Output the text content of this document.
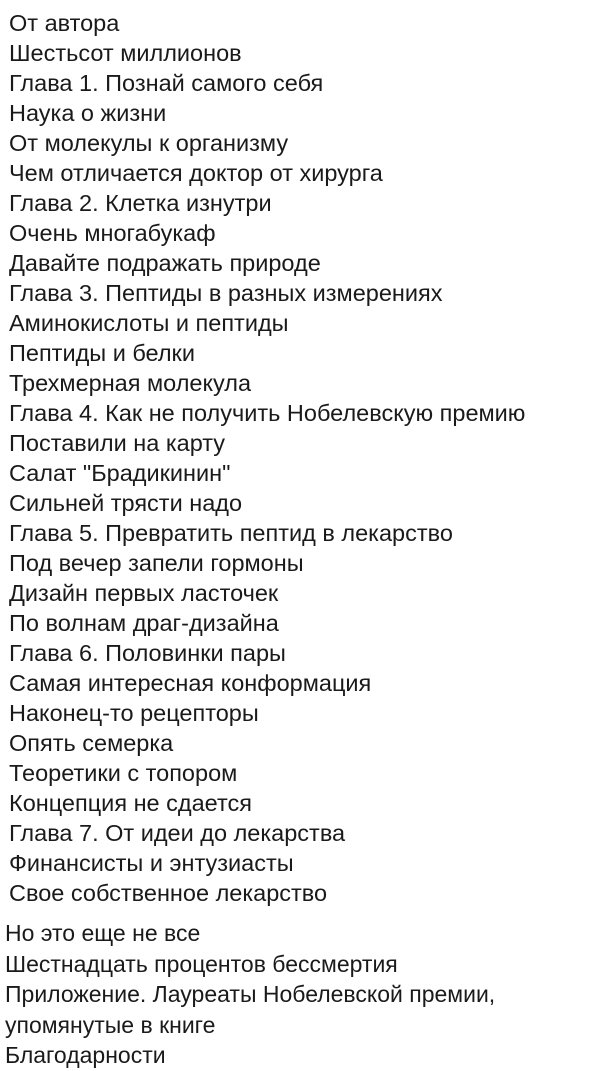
От автора
Шестьсот миллионов
Глава 1. Познай самого себя
Наука о жизни
От молекулы к организму
Чем отличается доктор от хирурга
Глава 2. Клетка изнутри
Очень многабукаф
Давайте подражать природе
Глава 3. Пептиды в разных измерениях
Аминокислоты и пептиды
Пептиды и белки
Трехмерная молекула
Глава 4. Как не получить Нобелевскую премию
Поставили на карту
Салат "Брадикинин"
Сильней трясти надо
Глава 5. Превратить пептид в лекарство
Под вечер запели гормоны
Дизайн первых ласточек
По волнам драг-дизайна
Глава 6. Половинки пары
Самая интересная конформация
Наконец-то рецепторы
Опять семерка
Теоретики с топором
Концепция не сдается
Глава 7. От идеи до лекарства
Финансисты и энтузиасты
Свое собственное лекарство
Но это еще не все
Шестнадцать процентов бессмертия
Приложение. Лауреаты Нобелевской премии,
упомянутые в книге
Благодарности
